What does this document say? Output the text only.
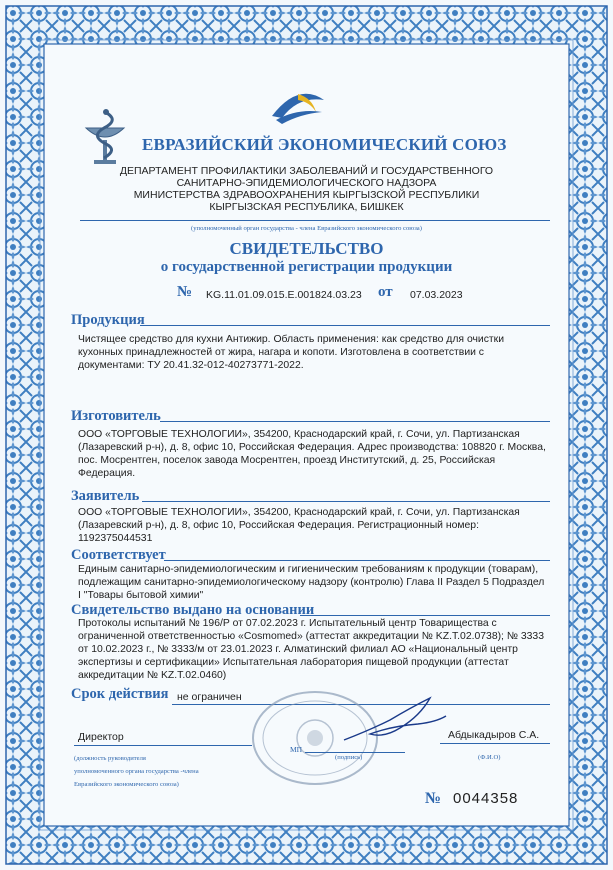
ЕВРАЗИЙСКИЙ ЭКОНОМИЧЕСКИЙ СОЮЗ

ДЕПАРТАМЕНТ ПРОФИЛАКТИКИ ЗАБОЛЕВАНИЙ И ГОСУДАРСТВЕННОГО

САНИТАРНО-ЭПИДЕМИОЛОГИЧЕСКОГО НАДЗОРА

МИНИСТЕРСТВА ЗДРАВООХРАНЕНИЯ КЫРГЫЗСКОЙ РЕСПУБЛИКИ

КЫРГЫЗСКАЯ РЕСПУБЛИКА, БИШКЕК

(уполномоченный орган государства - члена Евразийского экономического союза)

СВИДЕТЕЛЬСТВО

о государственной регистрации продукции

№ KG.11.01.09.015.E.001824.03.23 от 07.03.2023

Продукция

Чистящее средство для кухни Антижир. Область применения: как средство для очистки кухонных принадлежностей от жира, нагара и копоти. Изготовлена в соответствии с документами: ТУ 20.41.32-012-40273771-2022.

Изготовитель

ООО «ТОРГОВЫЕ ТЕХНОЛОГИИ», 354200, Краснодарский край, г. Сочи, ул. Партизанская (Лазаревский р-н), д. 8, офис 10, Российская Федерация. Адрес производства: 108820 г. Москва, пос. Мосрентген, поселок завода Мосрентген, проезд Институтский, д. 25, Российская Федерация.

Заявитель

ООО «ТОРГОВЫЕ ТЕХНОЛОГИИ», 354200, Краснодарский край, г. Сочи, ул. Партизанская (Лазаревский р-н), д. 8, офис 10, Российская Федерация. Регистрационный номер: 1192375044531

Соответствует

Единым санитарно-эпидемиологическим и гигиеническим требованиям к продукции (товарам), подлежащим санитарно-эпидемиологическому надзору (контролю) Глава II Раздел 5 Подраздел I "Товары бытовой химии"

Свидетельство выдано на основании

Протоколы испытаний № 196/Р от 07.02.2023 г. Испытательный центр Товарищества с ограниченной ответственностью «Cosmomed» (аттестат аккредитации № KZ.T.02.0738); № 3333 от 10.02.2023 г., № 3333/м от 23.01.2023 г. Алматинский филиал АО «Национальный центр экспертизы и сертификации» Испытательная лаборатория пищевой продукции (аттестат аккредитации № KZ.T.02.0460)

Срок действия не ограничен

Директор	Абдыкадыров С.А.

МП

(подпись)	(Ф.И.О)

(должность руководителя

уполномоченного органа государства -члена

Евразийского экономического союза)

№ 0044358
